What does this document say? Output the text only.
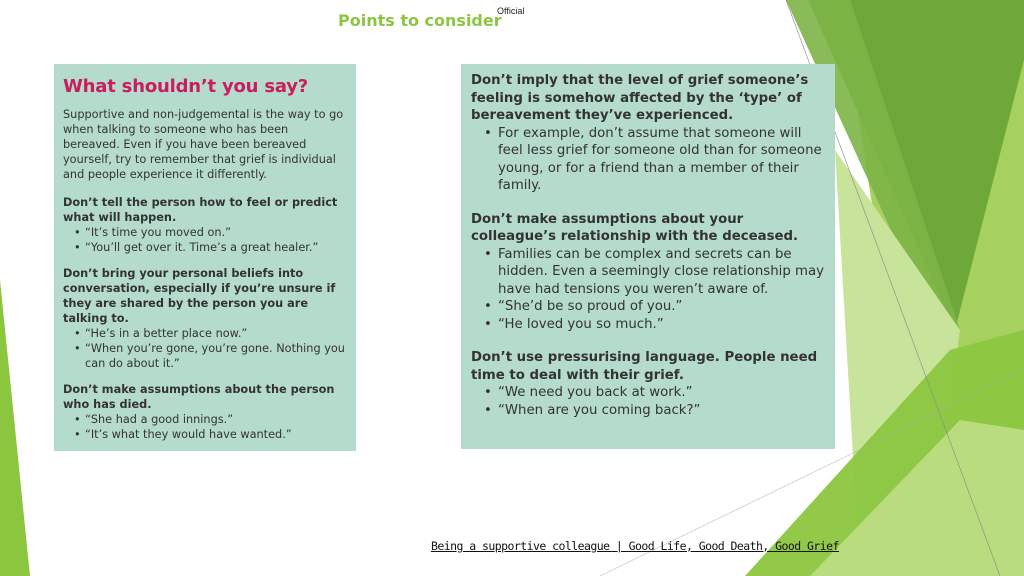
Official
Points to consider
What shouldn’t you say?

Supportive and non-judgemental is the way to go when talking to someone who has been bereaved. Even if you have been bereaved yourself, try to remember that grief is individual and people experience it differently.

Don’t tell the person how to feel or predict what will happen.

• “It’s time you moved on.”
• “You’ll get over it. Time’s a great healer.”

Don’t bring your personal beliefs into conversation, especially if you’re unsure if they are shared by the person you are talking to.

• “He’s in a better place now.”
• “When you’re gone, you’re gone. Nothing you can do about it.”

Don’t make assumptions about the person who has died.

• “She had a good innings.”
• “It’s what they would have wanted.”

Don’t imply that the level of grief someone’s feeling is somehow affected by the ‘type’ of bereavement they’ve experienced.

• For example, don’t assume that someone will feel less grief for someone old than for someone young, or for a friend than a member of their family.

Don’t make assumptions about your colleague’s relationship with the deceased.

• Families can be complex and secrets can be hidden. Even a seemingly close relationship may have had tensions you weren’t aware of.
• “She’d be so proud of you.”
• “He loved you so much.”

Don’t use pressurising language. People need time to deal with their grief.

• “We need you back at work.”
• “When are you coming back?”
Being a supportive colleague | Good Life, Good Death, Good Grief
